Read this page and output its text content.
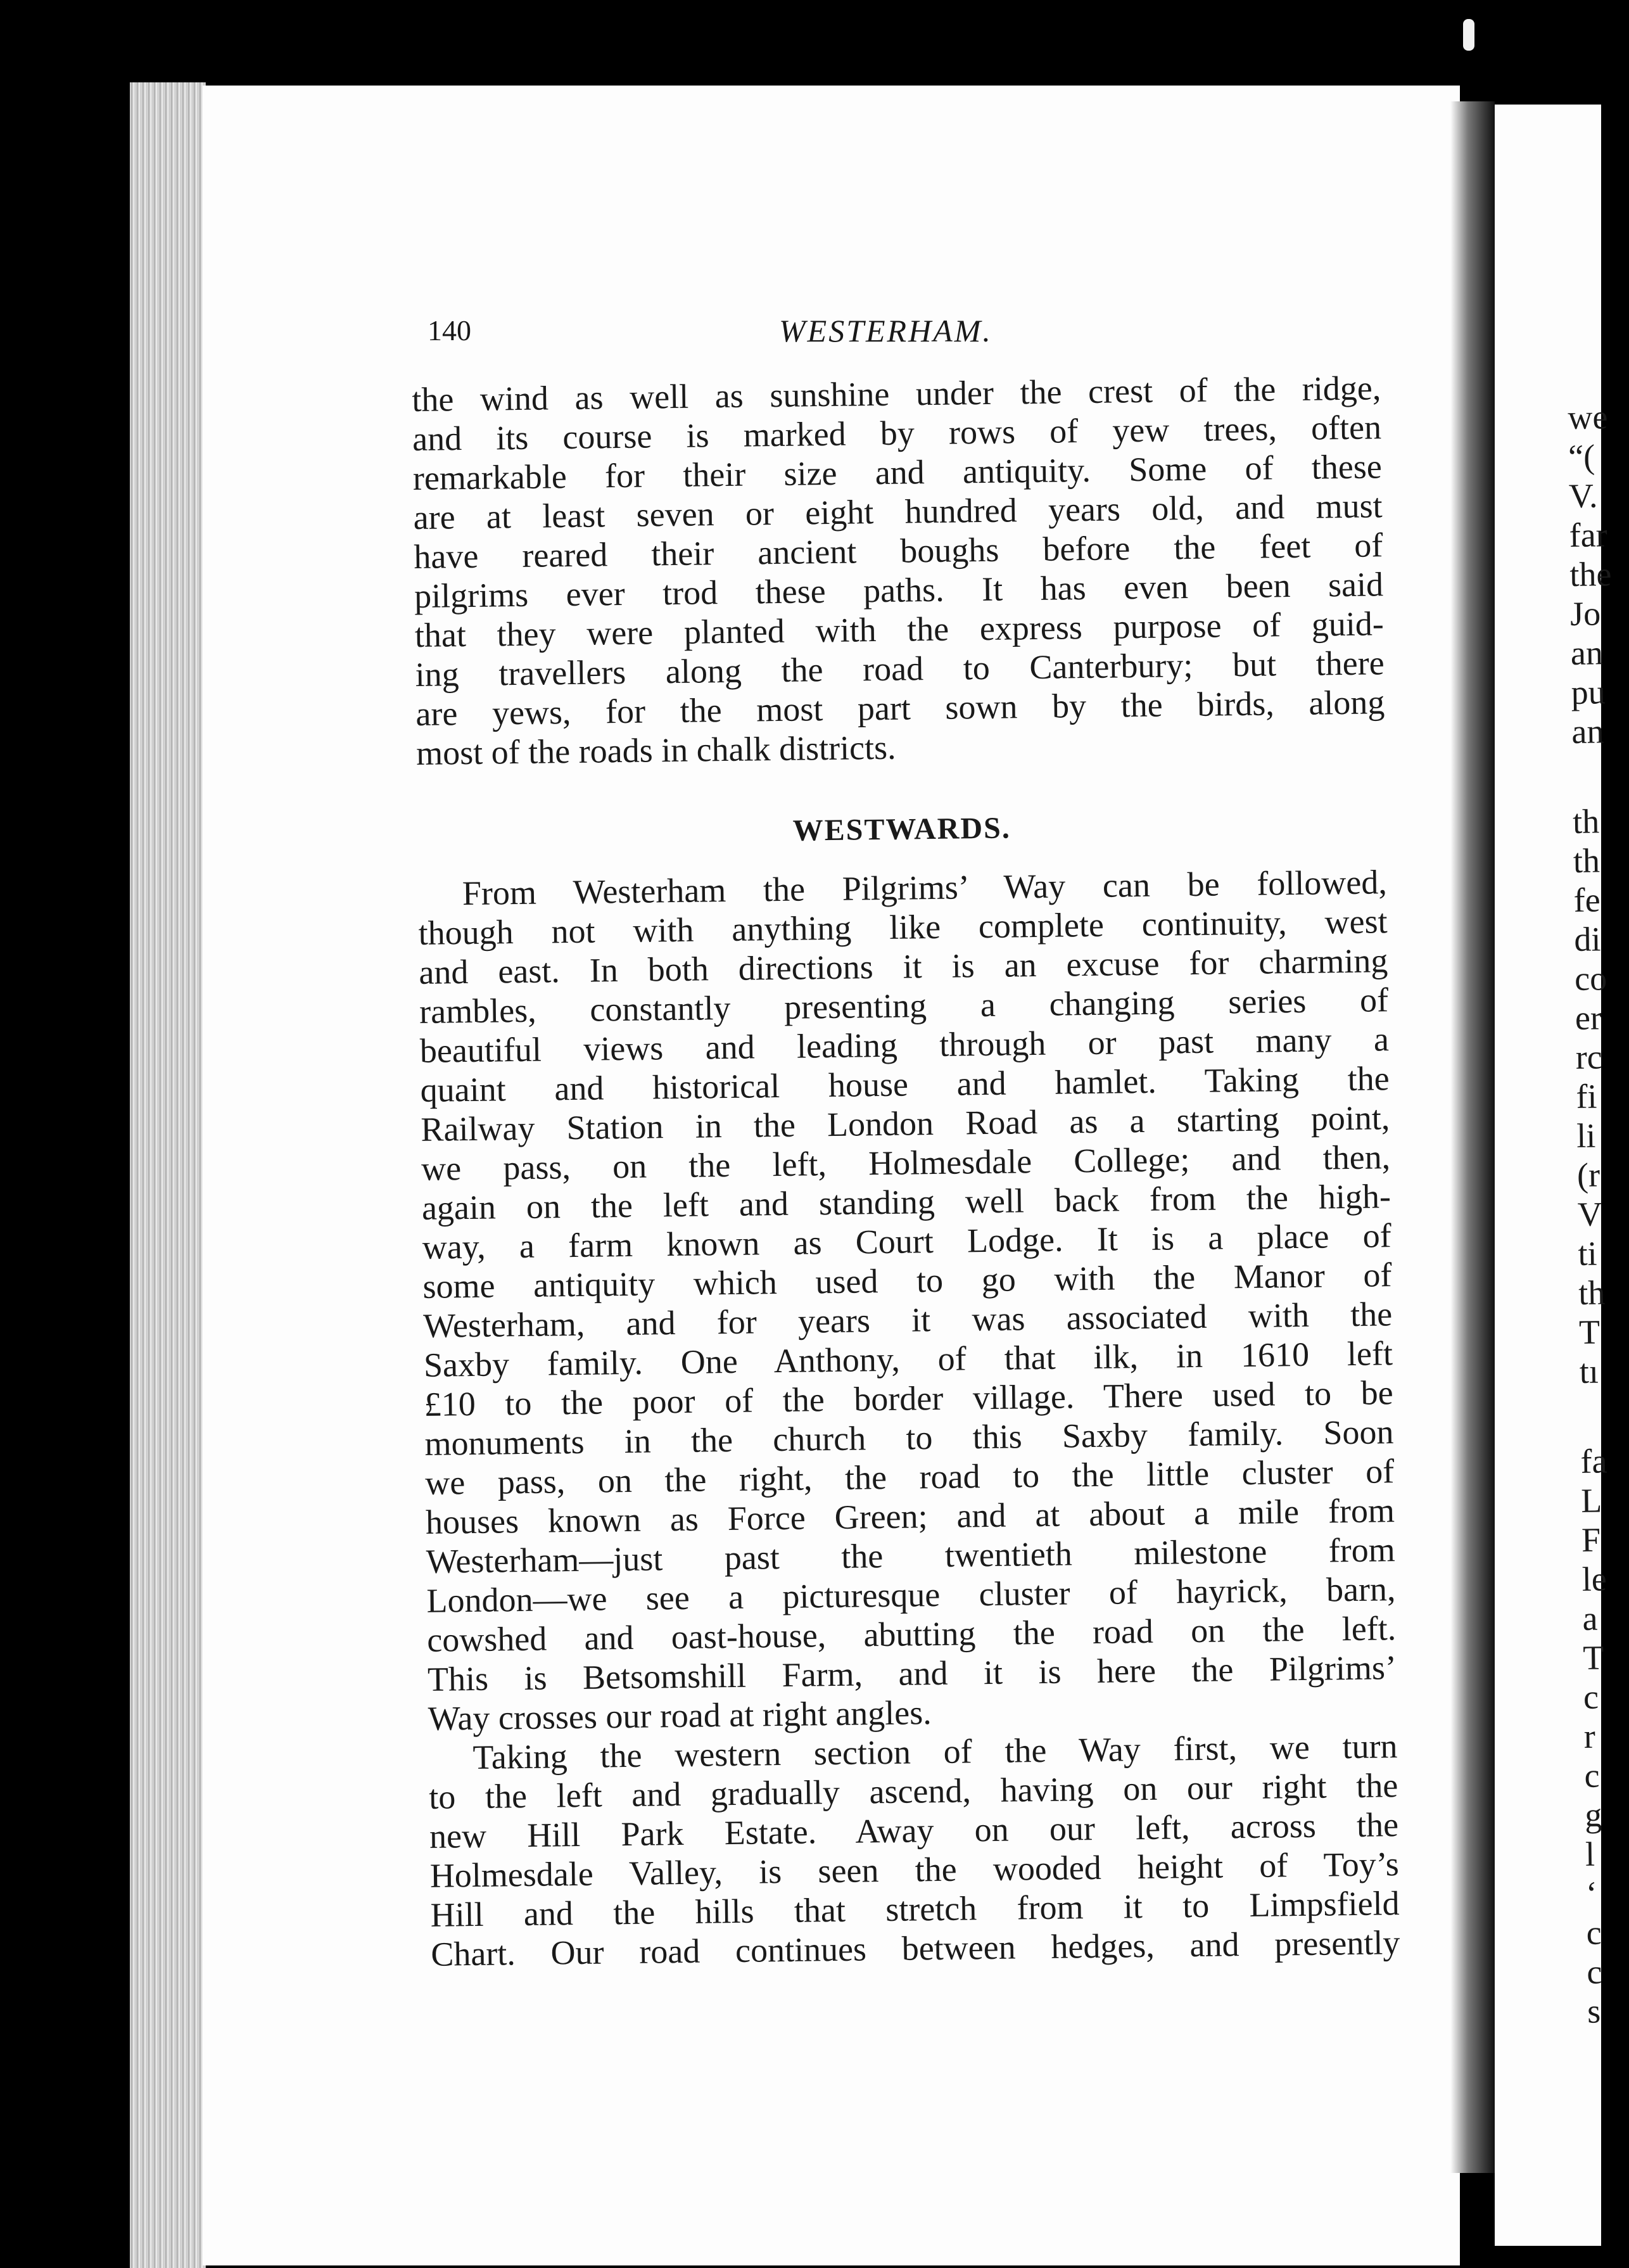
140	WESTERHAM.
the wind as well as sunshine under the crest of the ridge,
and its course is marked by rows of yew trees, often
remarkable for their size and antiquity. Some of these
are at least seven or eight hundred years old, and must
have reared their ancient boughs before the feet of
pilgrims ever trod these paths. It has even been said
that they were planted with the express purpose of guid-
ing travellers along the road to Canterbury; but there
are yews, for the most part sown by the birds, along
most of the roads in chalk districts.
WESTWARDS.
From Westerham the Pilgrims’ Way can be followed,
though not with anything like complete continuity, west
and east. In both directions it is an excuse for charming
rambles, constantly presenting a changing series of
beautiful views and leading through or past many a
quaint and historical house and hamlet. Taking the
Railway Station in the London Road as a starting point,
we pass, on the left, Holmesdale College; and then,
again on the left and standing well back from the high-
way, a farm known as Court Lodge. It is a place of
some antiquity which used to go with the Manor of
Westerham, and for years it was associated with the
Saxby family. One Anthony, of that ilk, in 1610 left
£10 to the poor of the border village. There used to be
monuments in the church to this Saxby family. Soon
we pass, on the right, the road to the little cluster of
houses known as Force Green; and at about a mile from
Westerham—just past the twentieth milestone from
London—we see a picturesque cluster of hayrick, barn,
cowshed and oast-house, abutting the road on the left.
This is Betsomshill Farm, and it is here the Pilgrims’
Way crosses our road at right angles.
Taking the western section of the Way first, we turn
to the left and gradually ascend, having on our right the
new Hill Park Estate. Away on our left, across the
Holmesdale Valley, is seen the wooded height of Toy’s
Hill and the hills that stretch from it to Limpsfield
Chart. Our road continues between hedges, and presently
we
“(
V.
far
the
Jo
an
pu
an
th
th
fe
di
co
er
rc
fi
li
(r
V
ti
th
T
tı
fa
L
F
le
a
T
c
r
c
g
l
‘
c
c
s
